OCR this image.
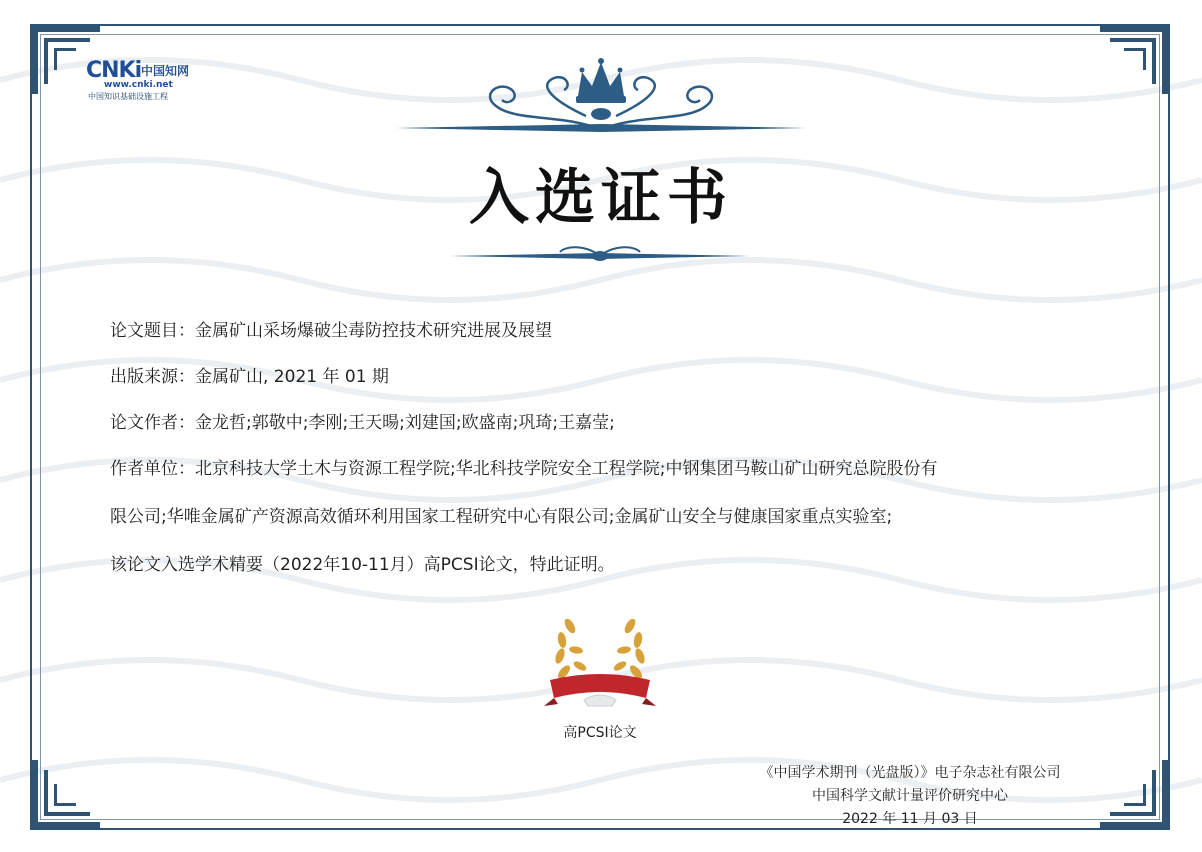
CNKi 中国知网
www.cnki.net
中国知识基础设施工程
入选证书
论文题目：金属矿山采场爆破尘毒防控技术研究进展及展望
出版来源：金属矿山, 2021 年 01 期
论文作者：金龙哲;郭敬中;李刚;王天暘;刘建国;欧盛南;巩琦;王嘉莹;
作者单位：北京科技大学土木与资源工程学院;华北科技学院安全工程学院;中钢集团马鞍山矿山研究总院股份有
限公司;华唯金属矿产资源高效循环利用国家工程研究中心有限公司;金属矿山安全与健康国家重点实验室;
该论文入选学术精要（2022年10-11月）高PCSI论文，特此证明。
高PCSI论文
《中国学术期刊（光盘版）》电子杂志社有限公司
中国科学文献计量评价研究中心
2022 年 11 月 03 日
